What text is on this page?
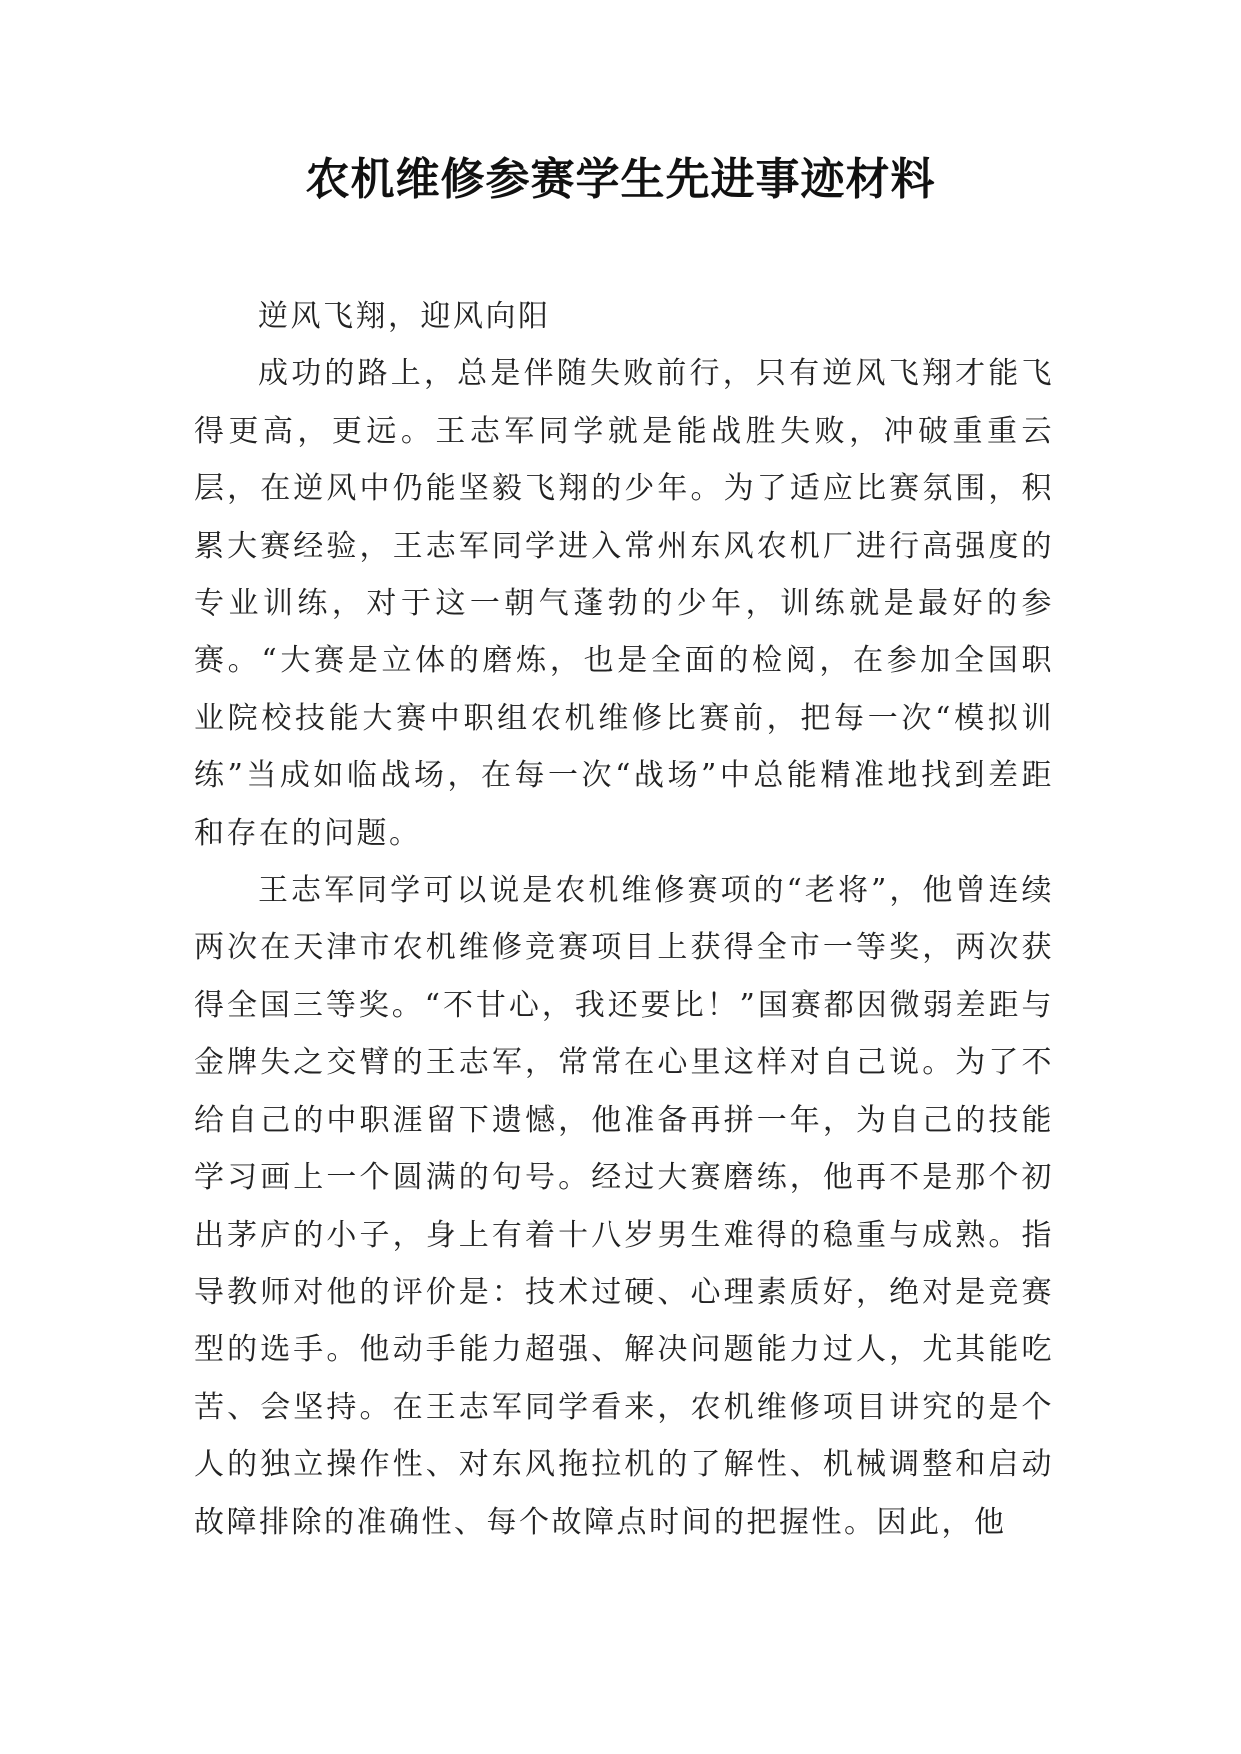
农机维修参赛学生先进事迹材料

逆风飞翔，迎风向阳

成功的路上，总是伴随失败前行，只有逆风飞翔才能飞得更高，更远。王志军同学就是能战胜失败，冲破重重云层，在逆风中仍能坚毅飞翔的少年。为了适应比赛氛围，积累大赛经验，王志军同学进入常州东风农机厂进行高强度的专业训练，对于这一朝气蓬勃的少年，训练就是最好的参赛。“大赛是立体的磨炼，也是全面的检阅，在参加全国职业院校技能大赛中职组农机维修比赛前，把每一次“模拟训练”当成如临战场，在每一次“战场”中总能精准地找到差距和存在的问题。

王志军同学可以说是农机维修赛项的“老将”，他曾连续两次在天津市农机维修竞赛项目上获得全市一等奖，两次获得全国三等奖。“不甘心，我还要比！”国赛都因微弱差距与金牌失之交臂的王志军，常常在心里这样对自己说。为了不给自己的中职涯留下遗憾，他准备再拼一年，为自己的技能学习画上一个圆满的句号。经过大赛磨练，他再不是那个初出茅庐的小子，身上有着十八岁男生难得的稳重与成熟。指导教师对他的评价是：技术过硬、心理素质好，绝对是竞赛型的选手。他动手能力超强、解决问题能力过人，尤其能吃苦、会坚持。在王志军同学看来，农机维修项目讲究的是个人的独立操作性、对东风拖拉机的了解性、机械调整和启动故障排除的准确性、每个故障点时间的把握性。因此，他
